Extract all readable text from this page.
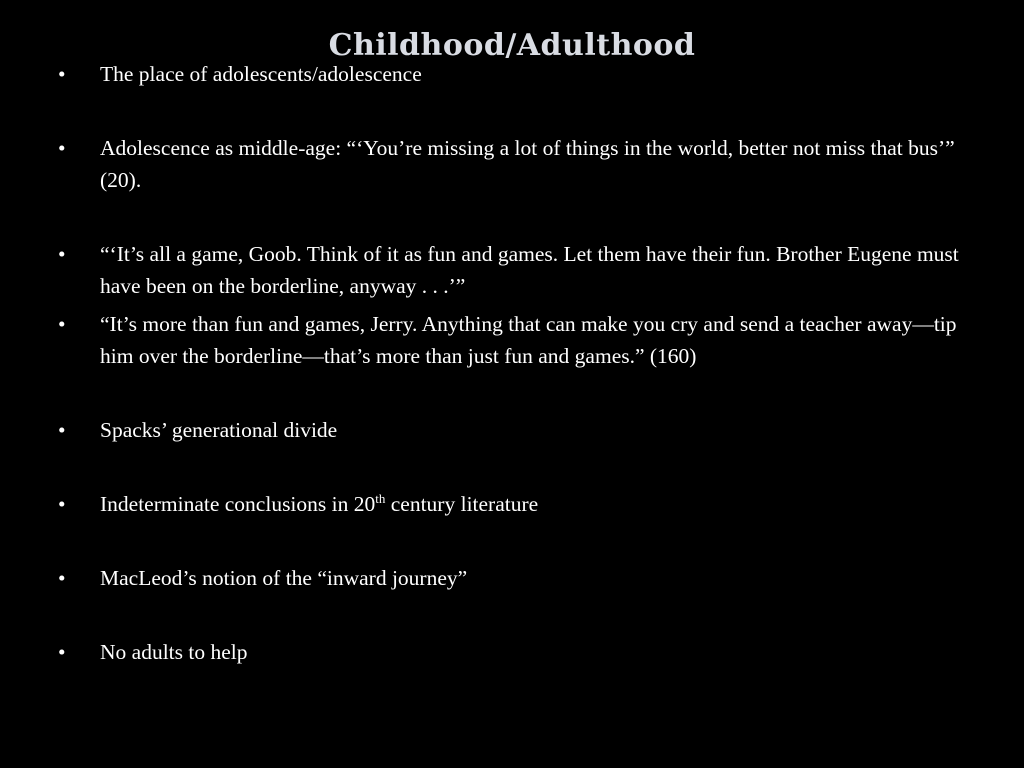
Childhood/Adulthood
• The place of adolescents/adolescence
• Adolescence as middle-age: “‘You’re missing a lot of things in the world, better not miss that bus’” (20).
• “‘It’s all a game, Goob. Think of it as fun and games. Let them have their fun. Brother Eugene must have been on the borderline, anyway . . .’”
• “It’s more than fun and games, Jerry. Anything that can make you cry and send a teacher away—tip him over the borderline—that’s more than just fun and games.” (160)
• Spacks’ generational divide
• Indeterminate conclusions in 20th century literature
• MacLeod’s notion of the “inward journey”
• No adults to help
